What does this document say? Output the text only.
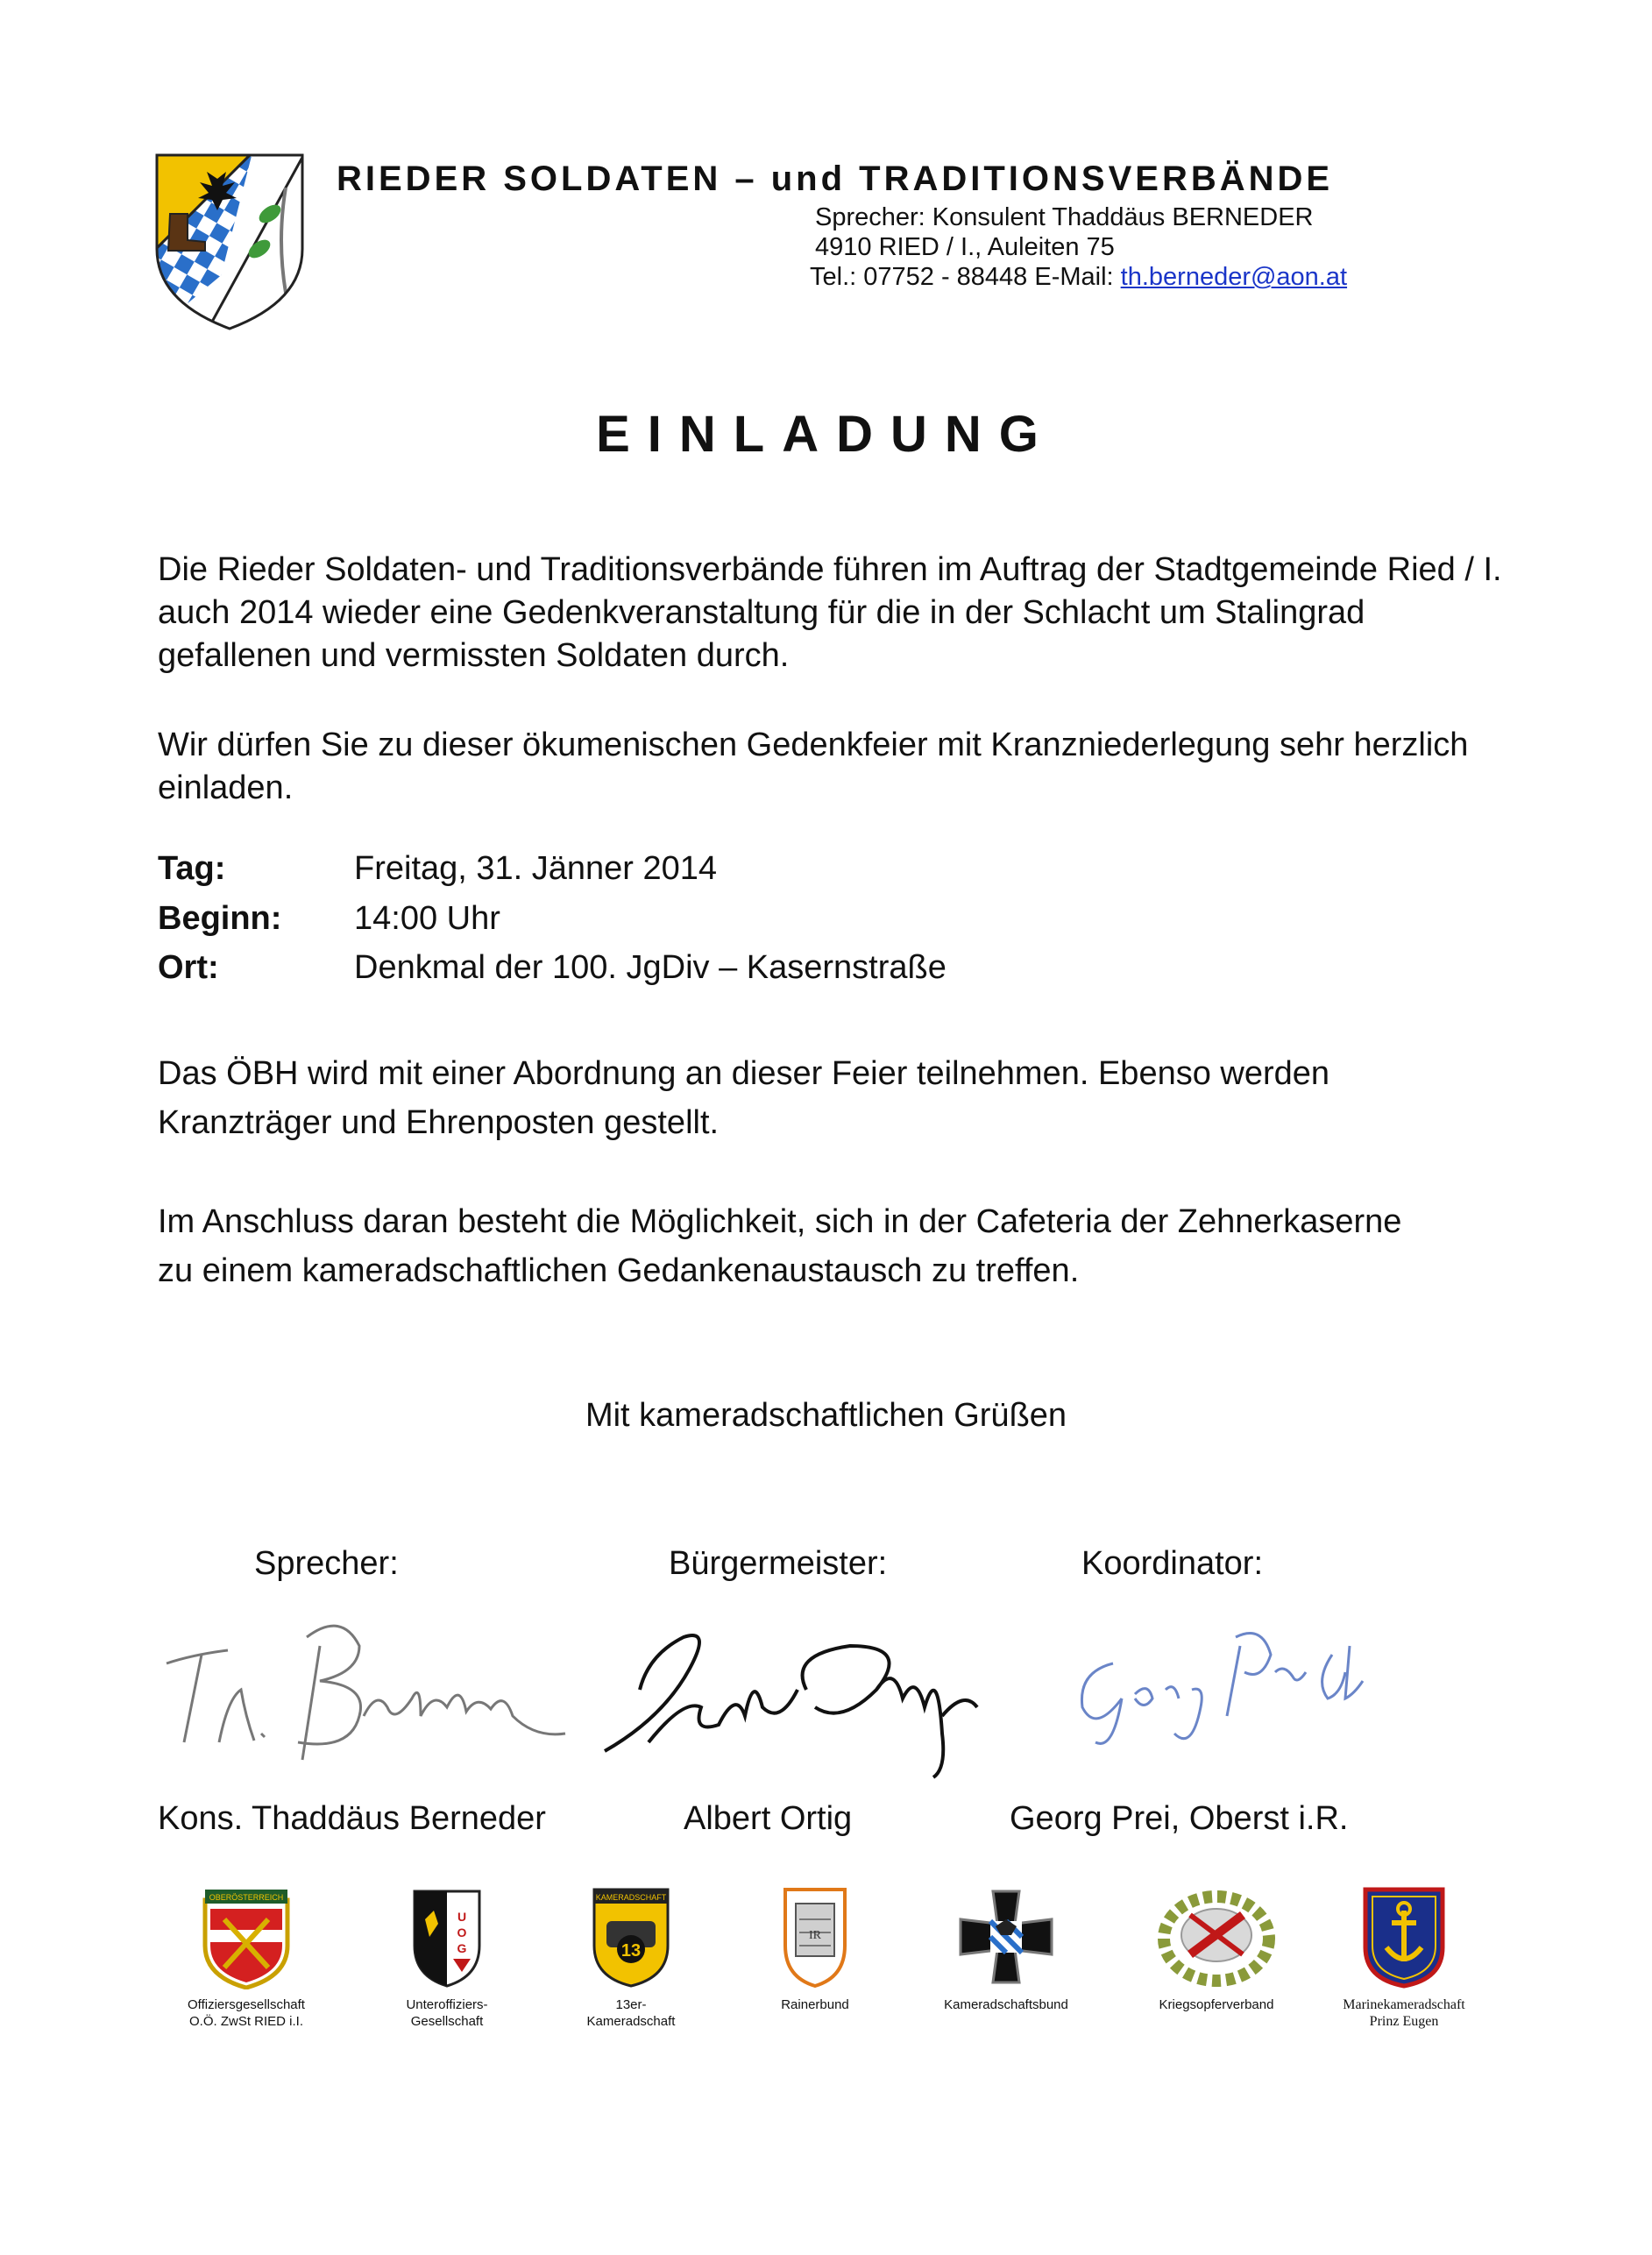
RIEDER SOLDATEN – und TRADITIONSVERBÄNDE
Sprecher: Konsulent Thaddäus BERNEDER
4910 RIED / I., Auleiten 75
Tel.: 07752 - 88448 E-Mail: th.berneder@aon.at
EINLADUNG
Die Rieder Soldaten- und Traditionsverbände führen im Auftrag der Stadtgemeinde Ried / I. auch 2014 wieder eine Gedenkveranstaltung für die in der Schlacht um Stalingrad gefallenen und vermissten Soldaten durch.
Wir dürfen Sie zu dieser ökumenischen Gedenkfeier mit Kranzniederlegung sehr herzlich einladen.
Tag:	Freitag, 31. Jänner 2014
Beginn: 14:00 Uhr
Ort:	Denkmal der 100. JgDiv – Kasernstraße
Das ÖBH wird mit einer Abordnung an dieser Feier teilnehmen. Ebenso werden Kranzträger und Ehrenposten gestellt.
Im Anschluss daran besteht die Möglichkeit, sich in der Cafeteria der Zehnerkaserne zu einem kameradschaftlichen Gedankenaustausch zu treffen.
Mit kameradschaftlichen Grüßen
Sprecher:	Bürgermeister:	Koordinator:
Kons. Thaddäus Berneder	Albert Ortig	Georg Prei, Oberst i.R.
OBERÖSTERREICH
Offiziersgesellschaft
O.Ö. ZwSt RIED i.I.
U
O
G
Unteroffiziers-
Gesellschaft
KAMERADSCHAFT
13
13er-
Kameradschaft
IR
Rainerbund	Kameradschaftsbund	Kriegsopferverband	Marinekameradschaft
Prinz Eugen
